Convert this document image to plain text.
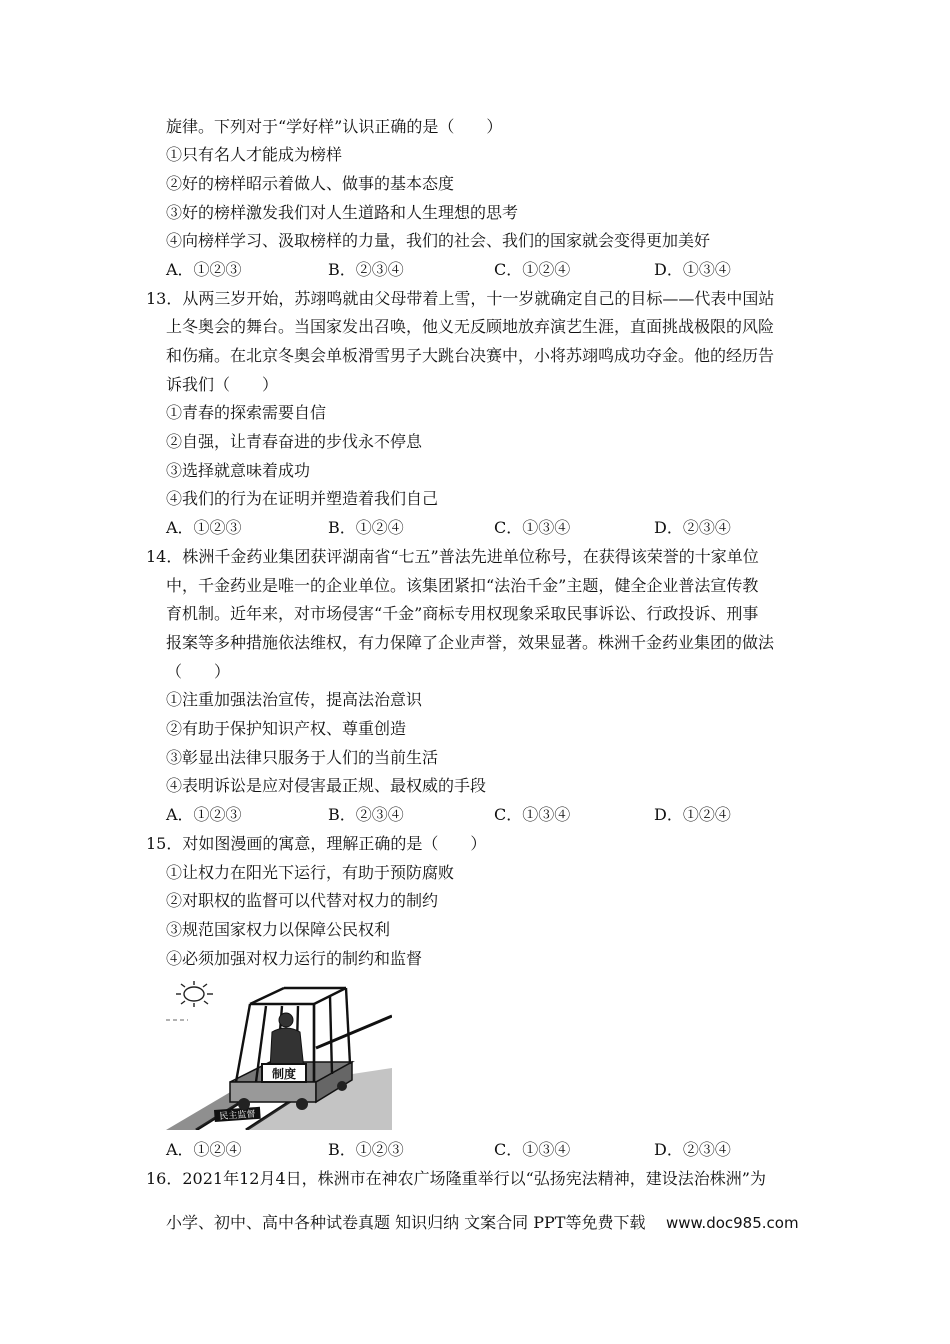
旋律。下列对于“学好样”认识正确的是（　　）
①只有名人才能成为榜样
②好的榜样昭示着做人、做事的基本态度
③好的榜样激发我们对人生道路和人生理想的思考
④向榜样学习、汲取榜样的力量，我们的社会、我们的国家就会变得更加美好
A．①②③	B．②③④	C．①②④	D．①③④
13．从两三岁开始，苏翊鸣就由父母带着上雪，十一岁就确定自己的目标——代表中国站
上冬奥会的舞台。当国家发出召唤，他义无反顾地放弃演艺生涯，直面挑战极限的风险
和伤痛。在北京冬奥会单板滑雪男子大跳台决赛中，小将苏翊鸣成功夺金。他的经历告
诉我们（　　）
①青春的探索需要自信
②自强，让青春奋进的步伐永不停息
③选择就意味着成功
④我们的行为在证明并塑造着我们自己
A．①②③	B．①②④	C．①③④	D．②③④
14．株洲千金药业集团获评湖南省“七五”普法先进单位称号，在获得该荣誉的十家单位
中，千金药业是唯一的企业单位。该集团紧扣“法治千金”主题，健全企业普法宣传教
育机制。近年来，对市场侵害“千金”商标专用权现象采取民事诉讼、行政投诉、刑事
报案等多种措施依法维权，有力保障了企业声誉，效果显著。株洲千金药业集团的做法
（　　）
①注重加强法治宣传，提高法治意识
②有助于保护知识产权、尊重创造
③彰显出法律只服务于人们的当前生活
④表明诉讼是应对侵害最正规、最权威的手段
A．①②③	B．②③④	C．①③④	D．①②④
15．对如图漫画的寓意，理解正确的是（　　）
①让权力在阳光下运行，有助于预防腐败
②对职权的监督可以代替对权力的制约
③规范国家权力以保障公民权利
④必须加强对权力运行的制约和监督
民主监督
制度
A．①②④	B．①②③	C．①③④	D．②③④
16．2021年12月4日，株洲市在神农广场隆重举行以“弘扬宪法精神，建设法治株洲”为
小学、初中、高中各种试卷真题 知识归纳 文案合同 PPT等免费下载 www.doc985.com
